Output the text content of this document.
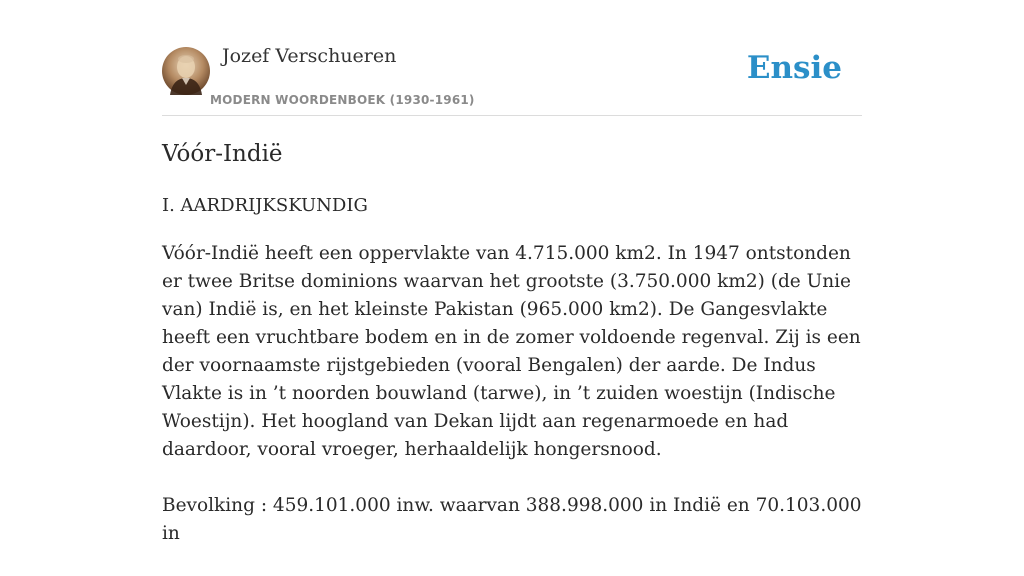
Jozef Verschueren
MODERN WOORDENBOEK (1930-1961)
Ensie
Vóór-Indië
I. AARDRIJKSKUNDIG

Vóór-Indië heeft een oppervlakte van 4.715.000 km2. In 1947 ontstonden er twee Britse dominions waarvan het grootste (3.750.000 km2) (de Unie van) Indië is, en het kleinste Pakistan (965.000 km2). De Gangesvlakte heeft een vruchtbare bodem en in de zomer voldoende regenval. Zij is een der voornaamste rijstgebieden (vooral Bengalen) der aarde. De Indus Vlakte is in ’t noorden bouwland (tarwe), in ’t zuiden woestijn (Indische Woestijn). Het hoogland van Dekan lijdt aan regenarmoede en had daardoor, vooral vroeger, herhaaldelijk hongersnood.

Bevolking : 459.101.000 inw. waarvan 388.998.000 in Indië en 70.103.000 in
